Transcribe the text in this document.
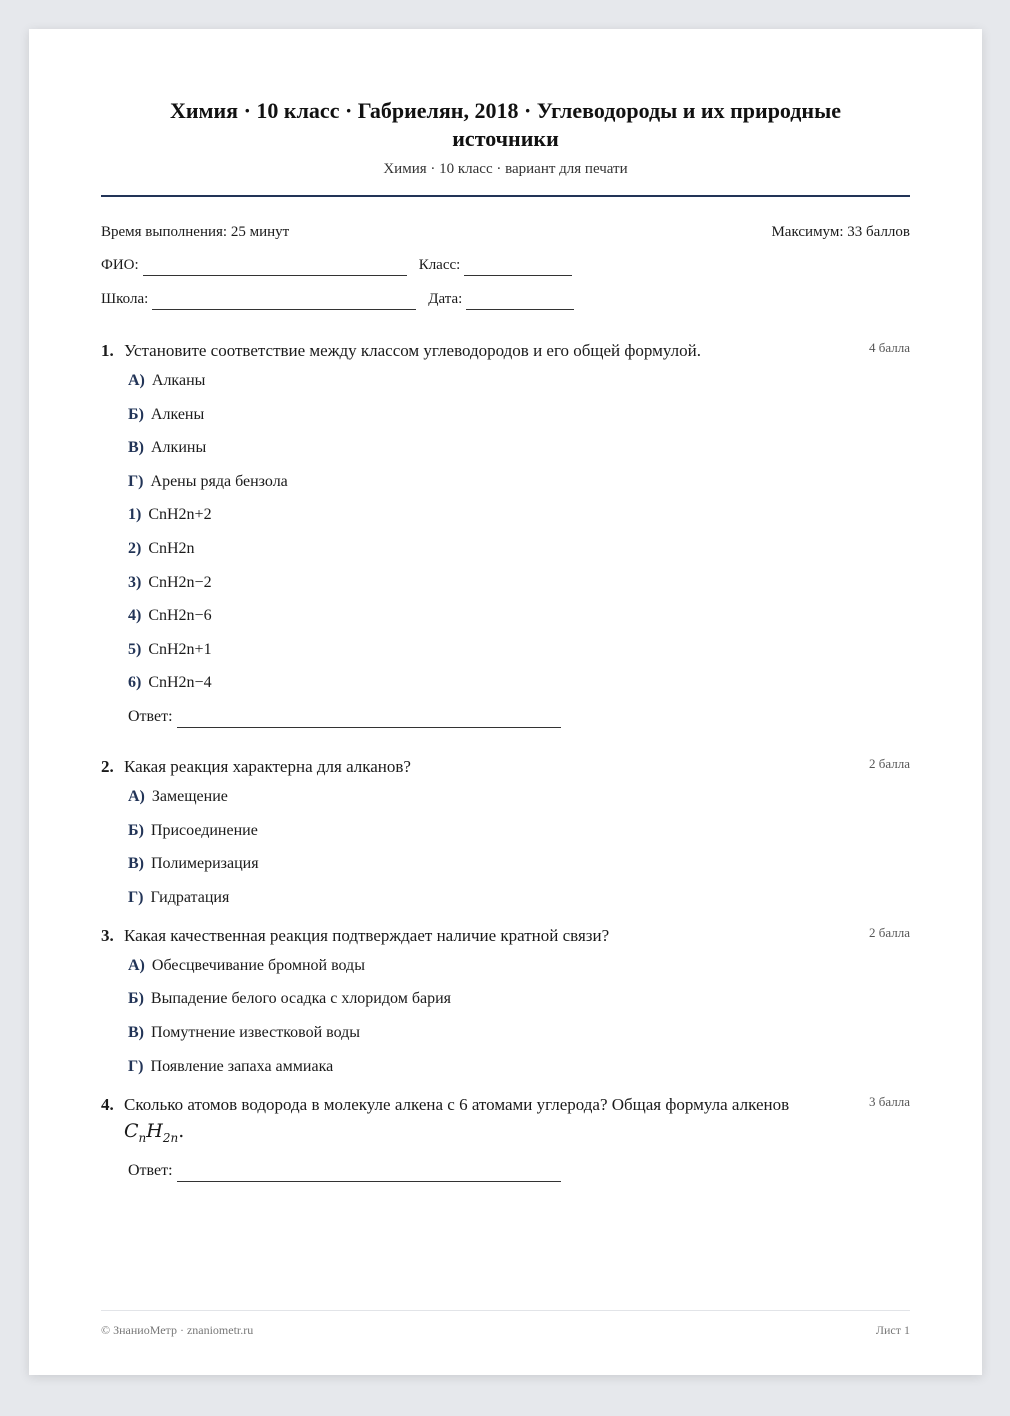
Химия · 10 класс · Габриелян, 2018 · Углеводороды и их природные источники
Химия · 10 класс · вариант для печати
Время выполнения: 25 минут	Максимум: 33 баллов
ФИО:	Класс:
Школа:	Дата:
1. Установите соответствие между классом углеводородов и его общей формулой.	4 балла
А) Алканы
Б) Алкены
В) Алкины
Г) Арены ряда бензола
1) CnH2n+2
2) CnH2n
3) CnH2n−2
4) CnH2n−6
5) CnH2n+1
6) CnH2n−4
Ответ:
2. Какая реакция характерна для алканов?	2 балла
А) Замещение
Б) Присоединение
В) Полимеризация
Г) Гидратация
3. Какая качественная реакция подтверждает наличие кратной связи?	2 балла
А) Обесцвечивание бромной воды
Б) Выпадение белого осадка с хлоридом бария
В) Помутнение известковой воды
Г) Появление запаха аммиака
4. Сколько атомов водорода в молекуле алкена с 6 атомами углерода? Общая формула алкенов
$C_nH_{2n}$.
3 балла
Ответ:
© ЗнаниоМетр · znaniometr.ru	Лист 1
